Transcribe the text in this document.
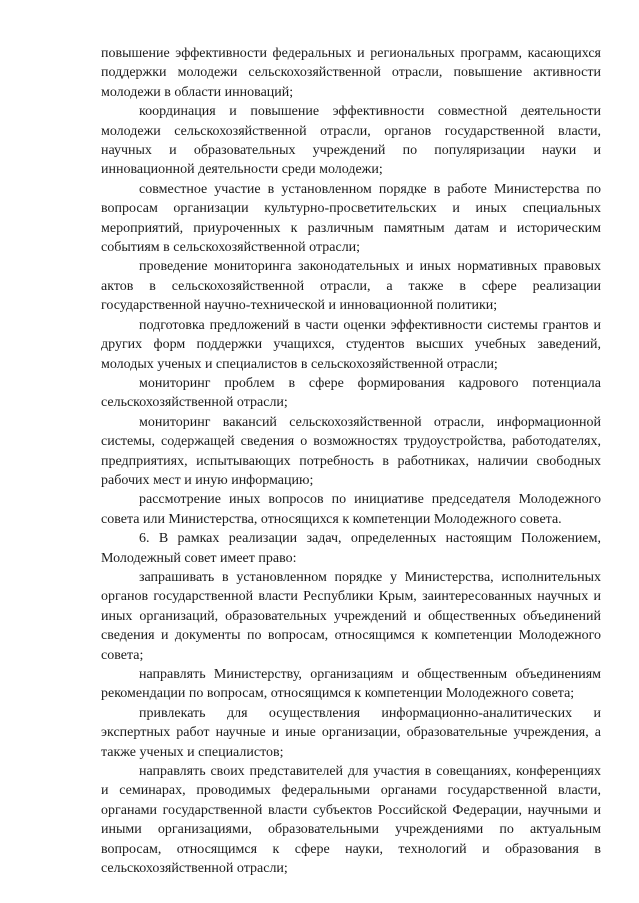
повышение эффективности федеральных и региональных программ, касающихся поддержки молодежи сельскохозяйственной отрасли, повышение активности молодежи в области инноваций;

координация и повышение эффективности совместной деятельности молодежи сельскохозяйственной отрасли, органов государственной власти, научных и образовательных учреждений по популяризации науки и инновационной деятельности среди молодежи;

совместное участие в установленном порядке в работе Министерства по вопросам организации культурно-просветительских и иных специальных мероприятий, приуроченных к различным памятным датам и историческим событиям в сельскохозяйственной отрасли;

проведение мониторинга законодательных и иных нормативных правовых актов в сельскохозяйственной отрасли, а также в сфере реализации государственной научно-технической и инновационной политики;

подготовка предложений в части оценки эффективности системы грантов и других форм поддержки учащихся, студентов высших учебных заведений, молодых ученых и специалистов в сельскохозяйственной отрасли;

мониторинг проблем в сфере формирования кадрового потенциала сельскохозяйственной отрасли;

мониторинг вакансий сельскохозяйственной отрасли, информационной системы, содержащей сведения о возможностях трудоустройства, работодателях, предприятиях, испытывающих потребность в работниках, наличии свободных рабочих мест и иную информацию;

рассмотрение иных вопросов по инициативе председателя Молодежного совета или Министерства, относящихся к компетенции Молодежного совета.

6. В рамках реализации задач, определенных настоящим Положением, Молодежный совет имеет право:

запрашивать в установленном порядке у Министерства, исполнительных органов государственной власти Республики Крым, заинтересованных научных и иных организаций, образовательных учреждений и общественных объединений сведения и документы по вопросам, относящимся к компетенции Молодежного совета;

направлять Министерству, организациям и общественным объединениям рекомендации по вопросам, относящимся к компетенции Молодежного совета;

привлекать для осуществления информационно-аналитических и экспертных работ научные и иные организации, образовательные учреждения, а также ученых и специалистов;

направлять своих представителей для участия в совещаниях, конференциях и семинарах, проводимых федеральными органами государственной власти, органами государственной власти субъектов Российской Федерации, научными и иными организациями, образовательными учреждениями по актуальным вопросам, относящимся к сфере науки, технологий и образования в сельскохозяйственной отрасли;
